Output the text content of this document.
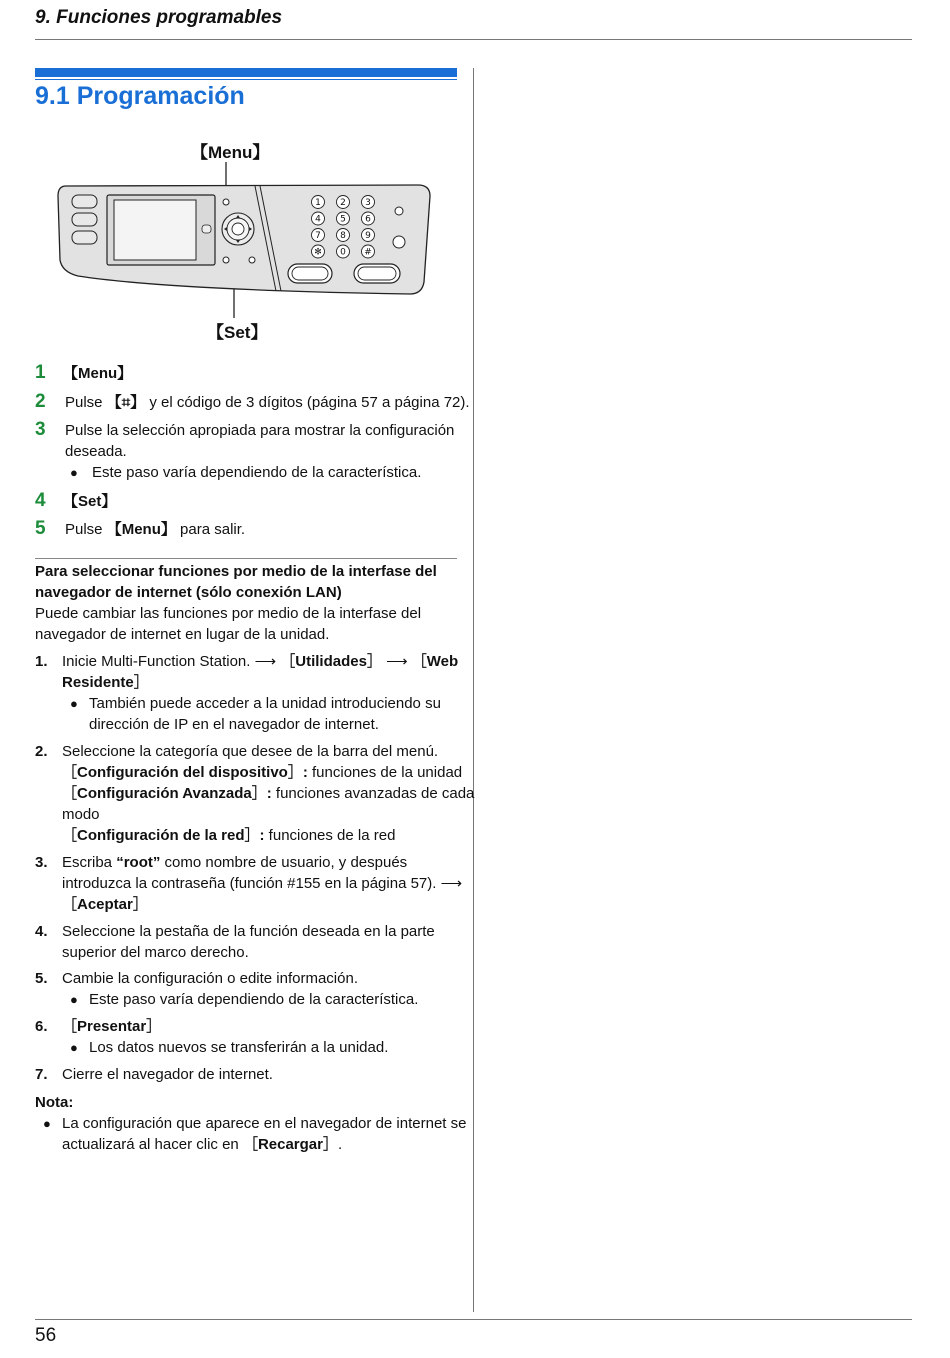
9. Funciones programables
9.1 Programación
【Menu】
【Set】
1 2 3
4 5 6
7 8 9
✻ 0 #
1 【Menu】
2 Pulse 【⌗】 y el código de 3 dígitos (página 57 a página 72).
3 Pulse la selección apropiada para mostrar la configuración
deseada.
● Este paso varía dependiendo de la característica.
4 【Set】
5 Pulse 【Menu】 para salir.
Para seleccionar funciones por medio de la interfase del
navegador de internet (sólo conexión LAN)
Puede cambiar las funciones por medio de la interfase del
navegador de internet en lugar de la unidad.
1. Inicie Multi-Function Station. ⟶ ［Utilidades］ ⟶ ［Web
Residente］
● También puede acceder a la unidad introduciendo su
dirección de IP en el navegador de internet.
2. Seleccione la categoría que desee de la barra del menú.
［Configuración del dispositivo］: funciones de la unidad
［Configuración Avanzada］: funciones avanzadas de cada
modo
［Configuración de la red］: funciones de la red
3. Escriba “root” como nombre de usuario, y después
introduzca la contraseña (función #155 en la página 57). ⟶
［Aceptar］
4. Seleccione la pestaña de la función deseada en la parte
superior del marco derecho.
5. Cambie la configuración o edite información.
● Este paso varía dependiendo de la característica.
6. ［Presentar］
● Los datos nuevos se transferirán a la unidad.
7. Cierre el navegador de internet.
Nota:
● La configuración que aparece en el navegador de internet se
actualizará al hacer clic en ［Recargar］.
56
